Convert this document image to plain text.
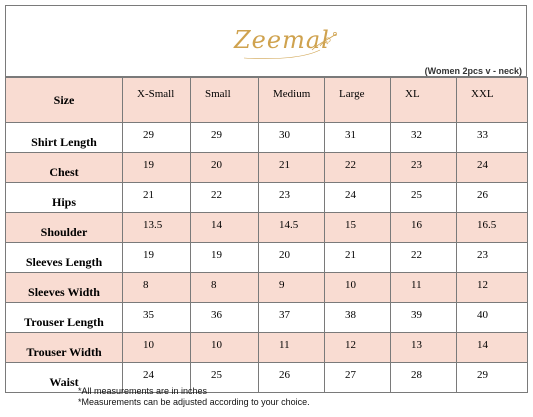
Zeemal
(Women 2pcs v - neck)
Size	X-Small	Small	Medium	Large	XL	XXL
Shirt Length	29	29	30	31	32	33
Chest	19	20	21	22	23	24
Hips	21	22	23	24	25	26
Shoulder	13.5	14	14.5	15	16	16.5
Sleeves Length	19	19	20	21	22	23
Sleeves Width	8	8	9	10	11	12
Trouser Length	35	36	37	38	39	40
Trouser Width	10	10	11	12	13	14
Waist	24	25	26	27	28	29
*All measurements are in inches
*Measurements can be adjusted according to your choice.
